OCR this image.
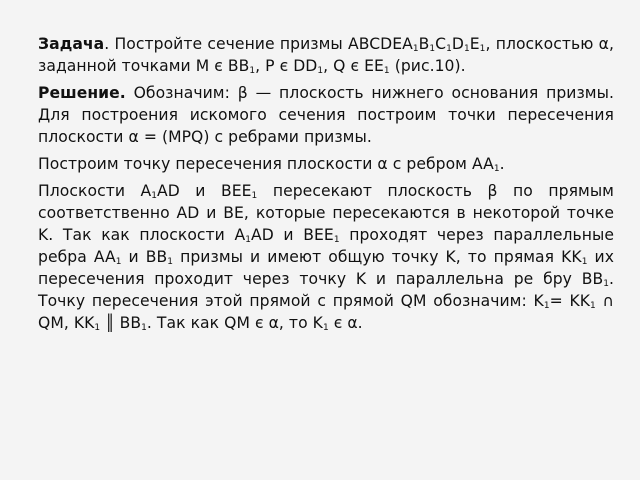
Задача. Постройте сечение призмы $ABCDEA_1B_1C_1D_1E_1$, плоскостью α, заданной точками M є $BB_1$, P є $DD_1$, Q є $EE_1$ (рис.10).

Решение. Обозначим: β — плоскость нижнего основания призмы. Для построения искомого сечения построим точки пересечения плоскости α = (MPQ) с ребрами призмы.

Построим точку пересечения плоскости α с ребром $AA_1$.

Плоскости $A_1AD$ и $BEE_1$ пересекают плоскость β по прямым соответственно AD и BE, которые пересекаются в некоторой точке K. Так как плоскости $A_1AD$ и $BEE_1$ проходят через параллельные ребра $AA_1$ и $BB_1$ призмы и имеют общую точку K, то прямая $KK_1$ их пересечения проходит через точку K и параллельна ре бру $BB_1$. Точку пересечения этой прямой с прямой QM обозначим: $K_1= KK_1$ ∩ QM, $KK_1$ ║ $BB_1$. Так как QM є α, то $K_1$ є α.
